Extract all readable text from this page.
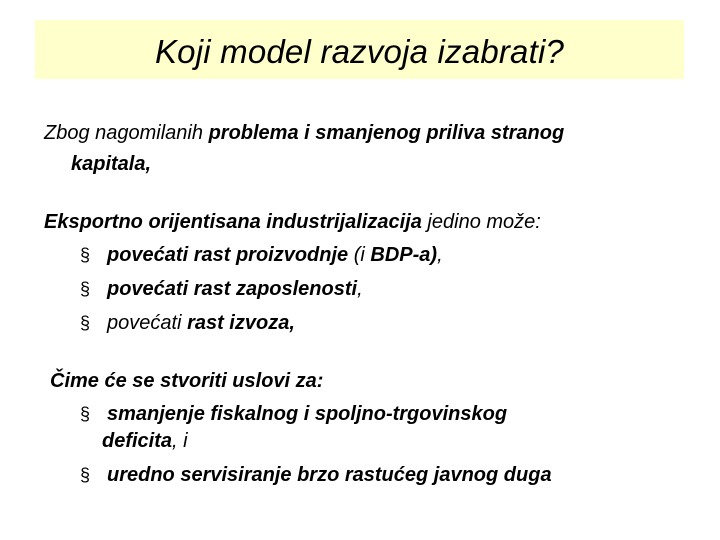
Koji model razvoja izabrati?
Zbog nagomilanih problema i smanjenog priliva stranog
kapitala,
Eksportno orijentisana industrijalizacija jedino može:
§ povećati rast proizvodnje (i BDP-a),
§ povećati rast zaposlenosti,
§ povećati rast izvoza,
Čime će se stvoriti uslovi za:
§ smanjenje fiskalnog i spoljno-trgovinskog
deficita, i
§ uredno servisiranje brzo rastućeg javnog duga
